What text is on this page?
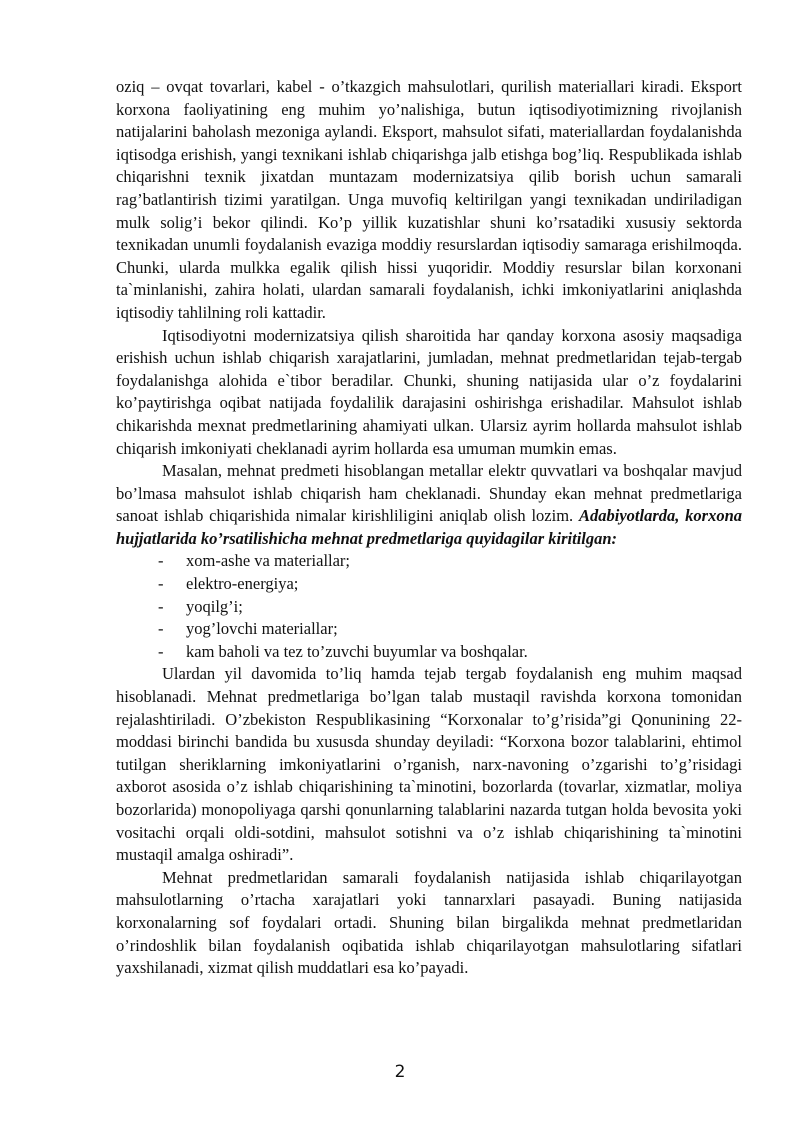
oziq – ovqat tovarlari, kabel - o’tkazgich mahsulotlari, qurilish materiallari kiradi. Eksport korxona faoliyatining eng muhim yo’nalishiga, butun iqtisodiyotimizning rivojlanish natijalarini baholash mezoniga aylandi. Eksport, mahsulot sifati, materiallardan foydalanishda iqtisodga erishish, yangi texnikani ishlab chiqarishga jalb etishga bog’liq. Respublikada ishlab chiqarishni texnik jixatdan muntazam modernizatsiya qilib borish uchun samarali rag’batlantirish tizimi yaratilgan. Unga muvofiq keltirilgan yangi texnikadan undiriladigan mulk solig’i bekor qilindi. Ko’p yillik kuzatishlar shuni ko’rsatadiki xususiy sektorda texnikadan unumli foydalanish evaziga moddiy resurslardan iqtisodiy samaraga erishilmoqda. Chunki, ularda mulkka egalik qilish hissi yuqoridir. Moddiy resurslar bilan korxonani ta`minlanishi, zahira holati, ulardan samarali foydalanish, ichki imkoniyatlarini aniqlashda iqtisodiy tahlilning roli kattadir.

Iqtisodiyotni modernizatsiya qilish sharoitida har qanday korxona asosiy maqsadiga erishish uchun ishlab chiqarish xarajatlarini, jumladan, mehnat predmetlaridan tejab-tergab foydalanishga alohida e`tibor beradilar. Chunki, shuning natijasida ular o’z foydalarini ko’paytirishga oqibat natijada foydalilik darajasini oshirishga erishadilar. Mahsulot ishlab chikarishda mexnat predmetlarining ahamiyati ulkan. Ularsiz ayrim hollarda mahsulot ishlab chiqarish imkoniyati cheklanadi ayrim hollarda esa umuman mumkin emas.

Masalan, mehnat predmeti hisoblangan metallar elektr quvvatlari va boshqalar mavjud bo’lmasa mahsulot ishlab chiqarish ham cheklanadi. Shunday ekan mehnat predmetlariga sanoat ishlab chiqarishida nimalar kirishliligini aniqlab olish lozim. Adabiyotlarda, korxona hujjatlarida ko’rsatilishicha mehnat predmetlariga quyidagilar kiritilgan:

- xom-ashe va materiallar;
- elektro-energiya;
- yoqilg’i;
- yog’lovchi materiallar;
- kam baholi va tez to’zuvchi buyumlar va boshqalar.

Ulardan yil davomida to’liq hamda tejab tergab foydalanish eng muhim maqsad hisoblanadi. Mehnat predmetlariga bo’lgan talab mustaqil ravishda korxona tomonidan rejalashtiriladi. O’zbekiston Respublikasining “Korxonalar to’g’risida”gi Qonunining 22-moddasi birinchi bandida bu xususda shunday deyiladi: “Korxona bozor talablarini, ehtimol tutilgan sheriklarning imkoniyatlarini o’rganish, narx-navoning o’zgarishi to’g’risidagi axborot asosida o’z ishlab chiqarishining ta`minotini, bozorlarda (tovarlar, xizmatlar, moliya bozorlarida) monopoliyaga qarshi qonunlarning talablarini nazarda tutgan holda bevosita yoki vositachi orqali oldi-sotdini, mahsulot sotishni va o’z ishlab chiqarishining ta`minotini mustaqil amalga oshiradi”.

Mehnat predmetlaridan samarali foydalanish natijasida ishlab chiqarilayotgan mahsulotlarning o’rtacha xarajatlari yoki tannarxlari pasayadi. Buning natijasida korxonalarning sof foydalari ortadi. Shuning bilan birgalikda mehnat predmetlaridan o’rindoshlik bilan foydalanish oqibatida ishlab chiqarilayotgan mahsulotlaring sifatlari yaxshilanadi, xizmat qilish muddatlari esa ko’payadi.

2
